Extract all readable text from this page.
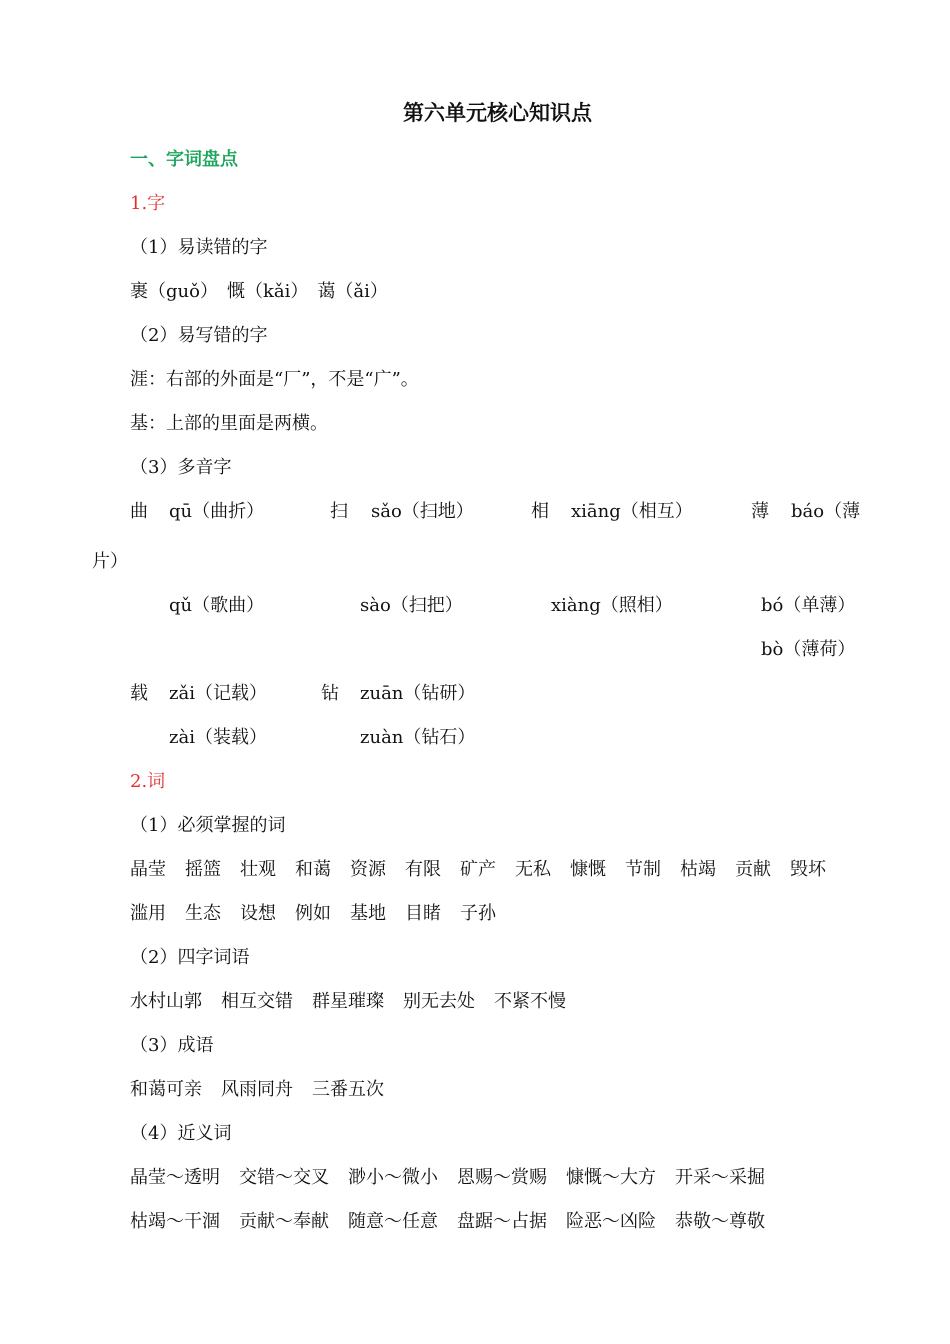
第六单元核心知识点
一、字词盘点
1.字
（1）易读错的字
裹（guǒ）　慨（kǎi）　蔼（ǎi）
（2）易写错的字
涯：右部的外面是“厂”，不是“广”。
基：上部的里面是两横。
（3）多音字
曲 qū（曲折）	扫 sǎo（扫地）	相 xiāng（相互）	薄 báo（薄
片）
qǔ（歌曲）	sào（扫把）	xiàng（照相）	bó（单薄）
bò（薄荷）
载 zǎi（记载）	钻 zuān（钻研）
zài（装载）	zuàn（钻石）
2.词
（1）必须掌握的词
晶莹 摇篮 壮观 和蔼 资源 有限 矿产 无私 慷慨 节制 枯竭 贡献 毁坏
滥用 生态 设想 例如 基地 目睹 子孙
（2）四字词语
水村山郭 相互交错 群星璀璨 别无去处 不紧不慢
（3）成语
和蔼可亲 风雨同舟 三番五次
（4）近义词
晶莹～透明 交错～交叉 渺小～微小 恩赐～赏赐 慷慨～大方 开采～采掘
枯竭～干涸 贡献～奉献 随意～任意 盘踞～占据 险恶～凶险 恭敬～尊敬
